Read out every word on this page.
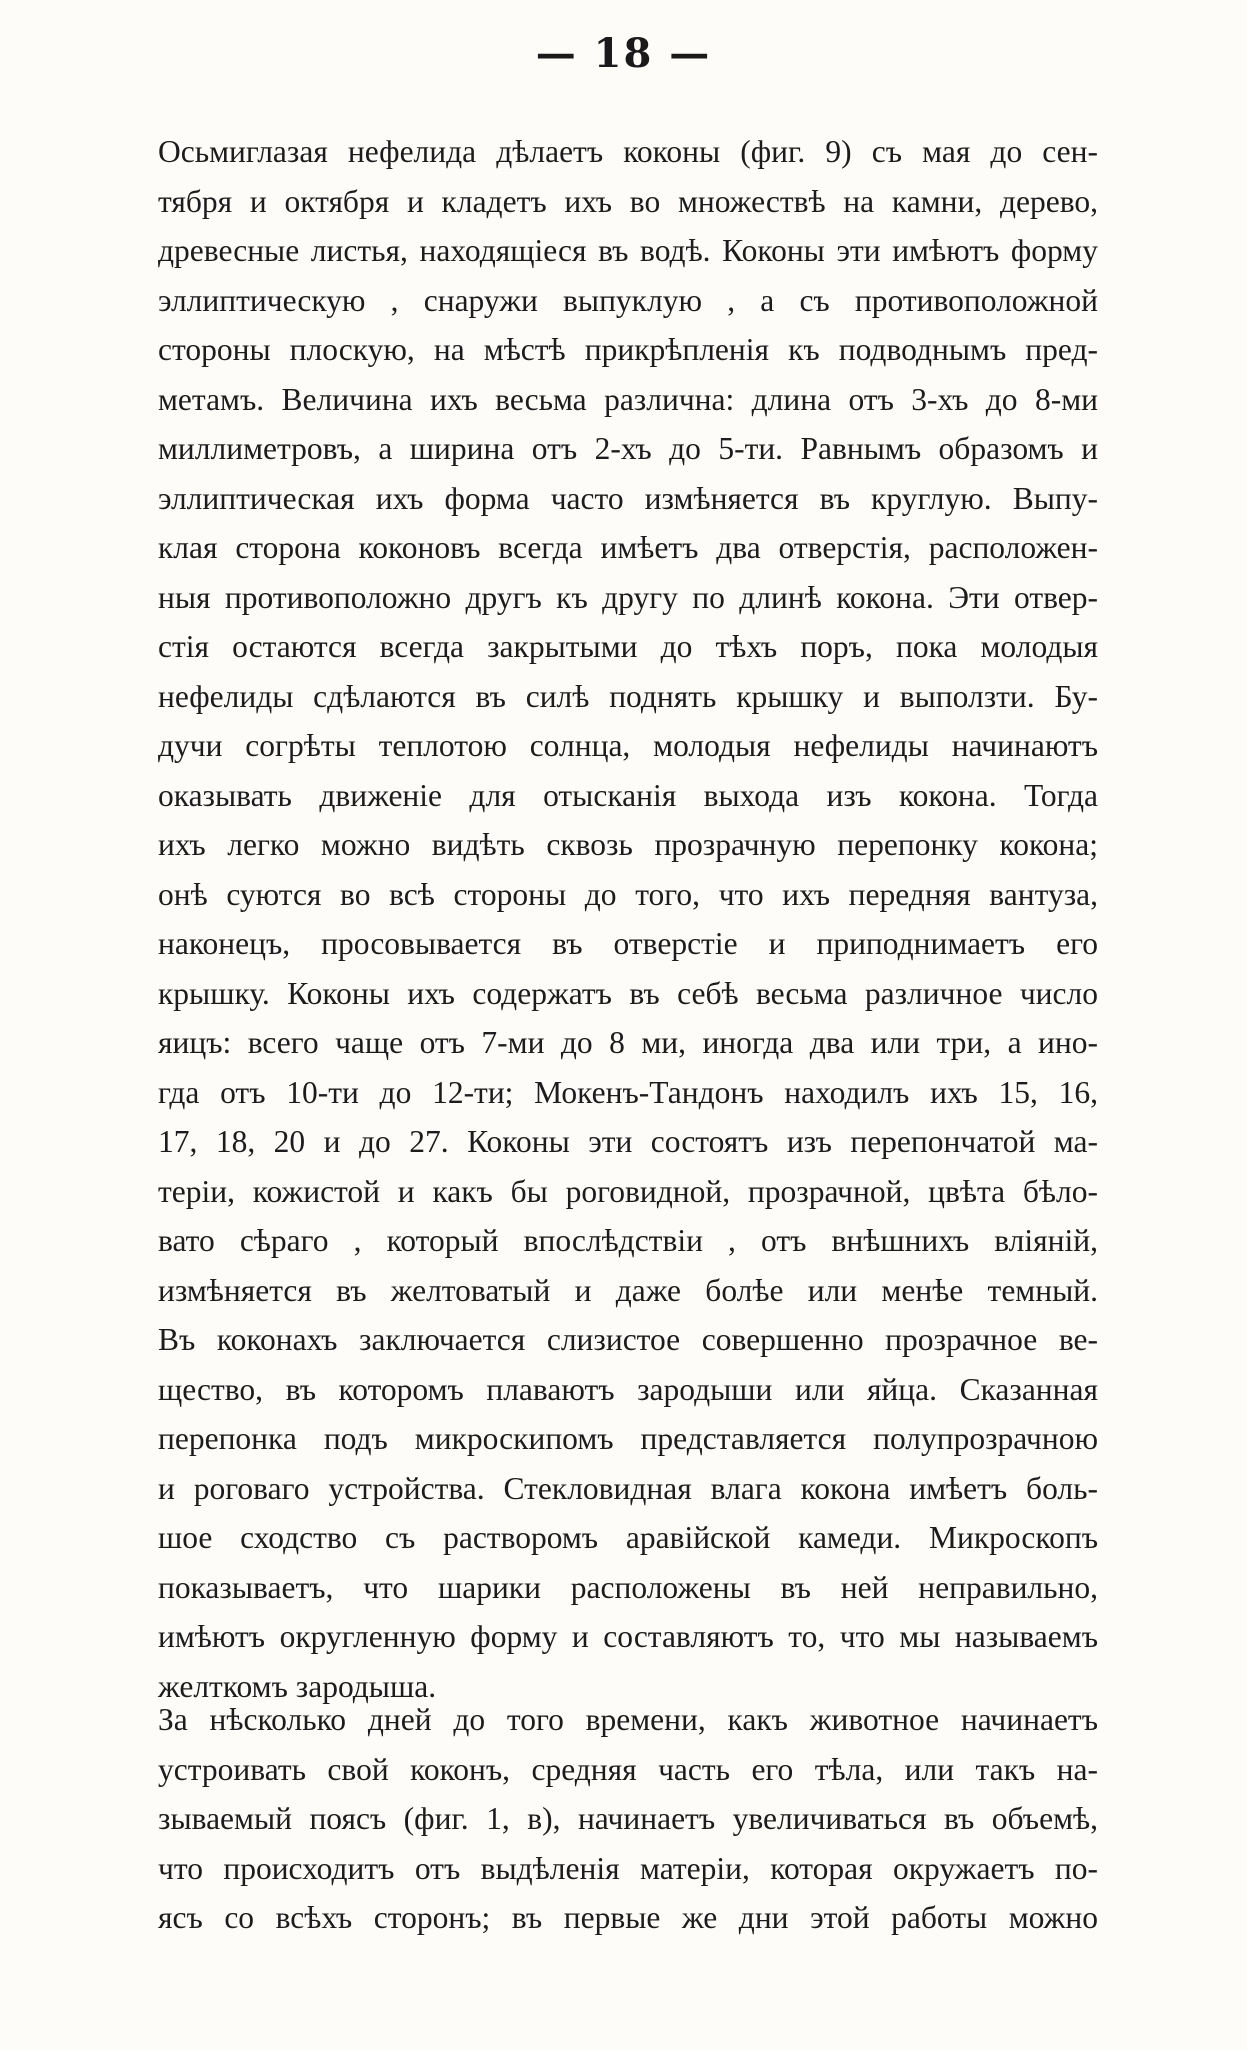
— 18 —
Осьмиглазая нефелида дѣлаетъ коконы (фиг. 9) съ мая до сен-
тября и октября и кладетъ ихъ во множествѣ на камни, дерево,
древесные листья, находящіеся въ водѣ. Коконы эти имѣютъ форму
эллиптическую , снаружи выпуклую , а съ противоположной
стороны плоскую, на мѣстѣ прикрѣпленія къ подводнымъ пред-
метамъ. Величина ихъ весьма различна: длина отъ 3-хъ до 8-ми
миллиметровъ, а ширина отъ 2-хъ до 5-ти. Равнымъ образомъ и
эллиптическая ихъ форма часто измѣняется въ круглую. Выпу-
клая сторона коконовъ всегда имѣетъ два отверстія, расположен-
ныя противоположно другъ къ другу по длинѣ кокона. Эти отвер-
стія остаются всегда закрытыми до тѣхъ поръ, пока молодыя
нефелиды сдѣлаются въ силѣ поднять крышку и выползти. Бу-
дучи согрѣты теплотою солнца, молодыя нефелиды начинаютъ
оказывать движеніе для отысканія выхода изъ кокона. Тогда
ихъ легко можно видѣть сквозь прозрачную перепонку кокона;
онѣ суются во всѣ стороны до того, что ихъ передняя вантуза,
наконецъ, просовывается въ отверстіе и приподнимаетъ его
крышку. Коконы ихъ содержатъ въ себѣ весьма различное число
яицъ: всего чаще отъ 7-ми до 8 ми, иногда два или три, а ино-
гда отъ 10-ти до 12-ти; Мокенъ-Тандонъ находилъ ихъ 15, 16,
17, 18, 20 и до 27. Коконы эти состоятъ изъ перепончатой ма-
теріи, кожистой и какъ бы роговидной, прозрачной, цвѣта бѣло-
вато сѣраго , который впослѣдствіи , отъ внѣшнихъ вліяній,
измѣняется въ желтоватый и даже болѣе или менѣе темный.
Въ коконахъ заключается слизистое совершенно прозрачное ве-
щество, въ которомъ плаваютъ зародыши или яйца. Сказанная
перепонка подъ микроскипомъ представляется полупрозрачною
и роговаго устройства. Стекловидная влага кокона имѣетъ боль-
шое сходство съ растворомъ аравійской камеди. Микроскопъ
показываетъ, что шарики расположены въ ней неправильно,
имѣютъ округленную форму и составляютъ то, что мы называемъ
желткомъ зародыша.
За нѣсколько дней до того времени, какъ животное начинаетъ
устроивать свой коконъ, средняя часть его тѣла, или такъ на-
зываемый поясъ (фиг. 1, в), начинаетъ увеличиваться въ объемѣ,
что происходитъ отъ выдѣленія матеріи, которая окружаетъ по-
ясъ со всѣхъ сторонъ; въ первые же дни этой работы можно
